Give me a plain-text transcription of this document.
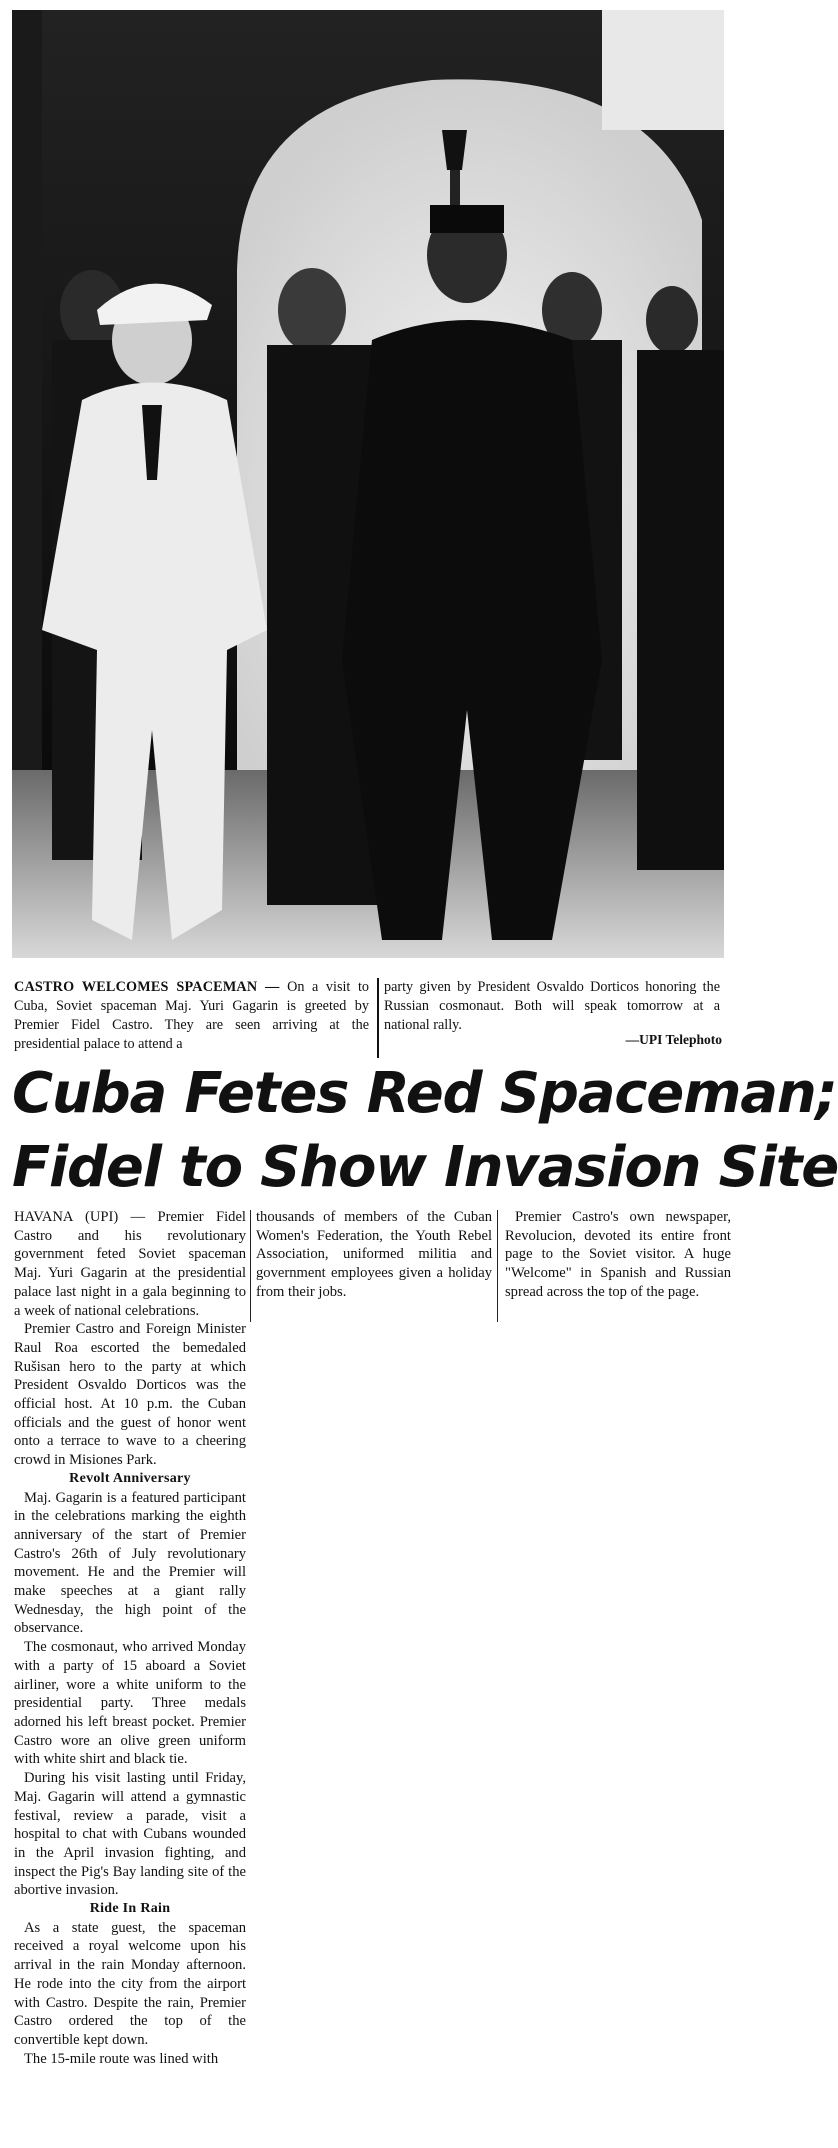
CASTRO WELCOMES SPACEMAN — On a visit to Cuba, Soviet spaceman Maj. Yuri Gagarin is greeted by Premier Fidel Castro. They are seen arriving at the presidential palace to attend a
party given by President Osvaldo Dorticos honoring the Russian cosmonaut. Both will speak tomorrow at a national rally.
—UPI Telephoto
Cuba Fetes Red Spaceman;
Fidel to Show Invasion Site

HAVANA (UPI) — Premier Fidel Castro and his revolutionary government feted Soviet spaceman Maj. Yuri Gagarin at the presidential palace last night in a gala beginning to a week of national celebrations.

Premier Castro and Foreign Minister Raul Roa escorted the bemedaled Rušisan hero to the party at which President Osvaldo Dorticos was the official host. At 10 p.m. the Cuban officials and the guest of honor went onto a terrace to wave to a cheering crowd in Misiones Park.

Revolt Anniversary

Maj. Gagarin is a featured participant in the celebrations marking the eighth anniversary of the start of Premier Castro's 26th of July revolutionary movement. He and the Premier will make speeches at a giant rally Wednesday, the high point of the observance.

The cosmonaut, who arrived Monday with a party of 15 aboard a Soviet airliner, wore a white uniform to the presidential party. Three medals adorned his left breast pocket. Premier Castro wore an olive green uniform with white shirt and black tie.

During his visit lasting until Friday, Maj. Gagarin will attend a gymnastic festival, review a parade, visit a hospital to chat with Cubans wounded in the April invasion fighting, and inspect the Pig's Bay landing site of the abortive invasion.

Ride In Rain

As a state guest, the spaceman received a royal welcome upon his arrival in the rain Monday afternoon. He rode into the city from the airport with Castro. Despite the rain, Premier Castro ordered the top of the convertible kept down.

The 15-mile route was lined with

thousands of members of the Cuban Women's Federation, the Youth Rebel Association, uniformed militia and government employees given a holiday from their jobs.

Premier Castro's own newspaper, Revolucion, devoted its entire front page to the Soviet visitor. A huge "Welcome" in Spanish and Russian spread across the top of the page.
